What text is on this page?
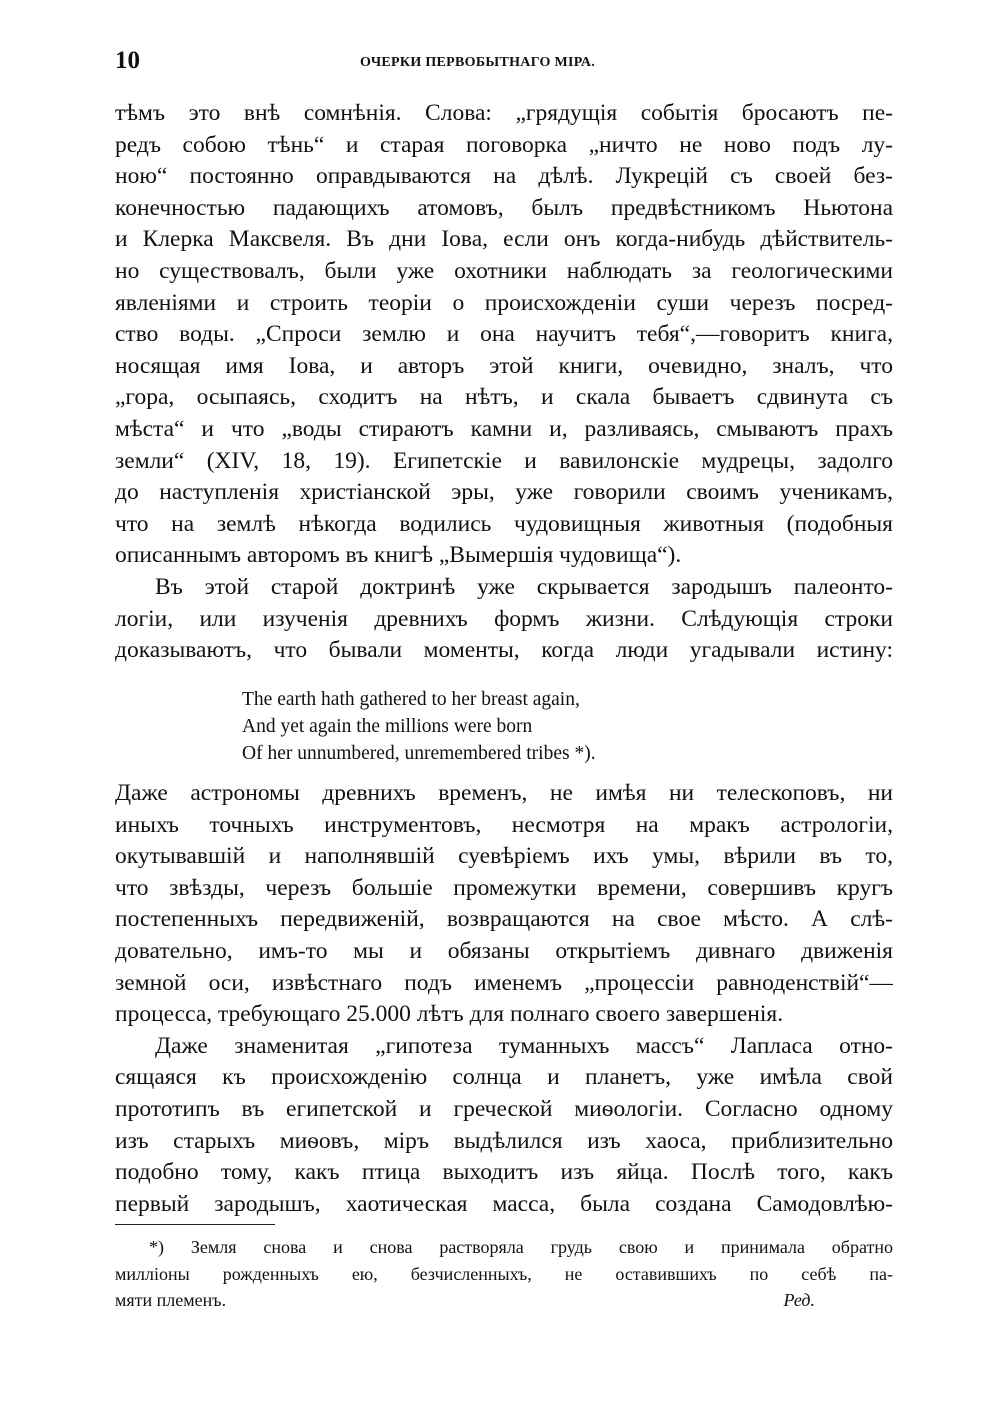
10	ОЧЕРКИ ПЕРВОБЫТНАГО МІРА.
тѣмъ это внѣ сомнѣнія. Слова: „грядущія событія бросаютъ пе-
редъ собою тѣнь“ и старая поговорка „ничто не ново подъ лу-
ною“ постоянно оправдываются на дѣлѣ. Лукрецій съ своей без-
конечностью падающихъ атомовъ, былъ предвѣстникомъ Ньютона
и Клерка Максвеля. Въ дни Іова, если онъ когда-нибудь дѣйствитель-
но существовалъ, были уже охотники наблюдать за геологическими
явленіями и строить теоріи о происхожденіи суши черезъ посред-
ство воды. „Спроси землю и она научитъ тебя“,—говоритъ книга,
носящая имя Іова, и авторъ этой книги, очевидно, зналъ, что
„гора, осыпаясь, сходитъ на нѣтъ, и скала бываетъ сдвинута съ
мѣста“ и что „воды стираютъ камни и, разливаясь, смываютъ прахъ
земли“ (XIV, 18, 19). Египетскіе и вавилонскіе мудрецы, задолго
до наступленія христіанской эры, уже говорили своимъ ученикамъ,
что на землѣ нѣкогда водились чудовищныя животныя (подобныя
описаннымъ авторомъ въ книгѣ „Вымершія чудовища“).
Въ этой старой доктринѣ уже скрывается зародышъ палеонто-
логіи, или изученія древнихъ формъ жизни. Слѣдующія строки
доказываютъ, что бывали моменты, когда люди угадывали истину:
The earth hath gathered to her breast again,
And yet again the millions were born
Of her unnumbered, unremembered tribes *).
Даже астрономы древнихъ временъ, не имѣя ни телескоповъ, ни
иныхъ точныхъ инструментовъ, несмотря на мракъ астрологіи,
окутывавшій и наполнявшій суевѣріемъ ихъ умы, вѣрили въ то,
что звѣзды, черезъ большіе промежутки времени, совершивъ кругъ
постепенныхъ передвиженій, возвращаются на свое мѣсто. А слѣ-
довательно, имъ-то мы и обязаны открытіемъ дивнаго движенія
земной оси, извѣстнаго подъ именемъ „процессіи равноденствій“—
процесса, требующаго 25.000 лѣтъ для полнаго своего завершенія.
Даже знаменитая „гипотеза туманныхъ массъ“ Лапласа отно-
сящаяся къ происхожденію солнца и планетъ, уже имѣла свой
прототипъ въ египетской и греческой миѳологіи. Согласно одному
изъ старыхъ миѳовъ, міръ выдѣлился изъ хаоса, приблизительно
подобно тому, какъ птица выходитъ изъ яйца. Послѣ того, какъ
первый зародышъ, хаотическая масса, была создана Самодовлѣю-
*) Земля снова и снова растворяла грудь свою и принимала обратно
милліоны рожденныхъ ею, безчисленныхъ, не оставившихъ по себѣ па-
мяти племенъ.	Ред.
